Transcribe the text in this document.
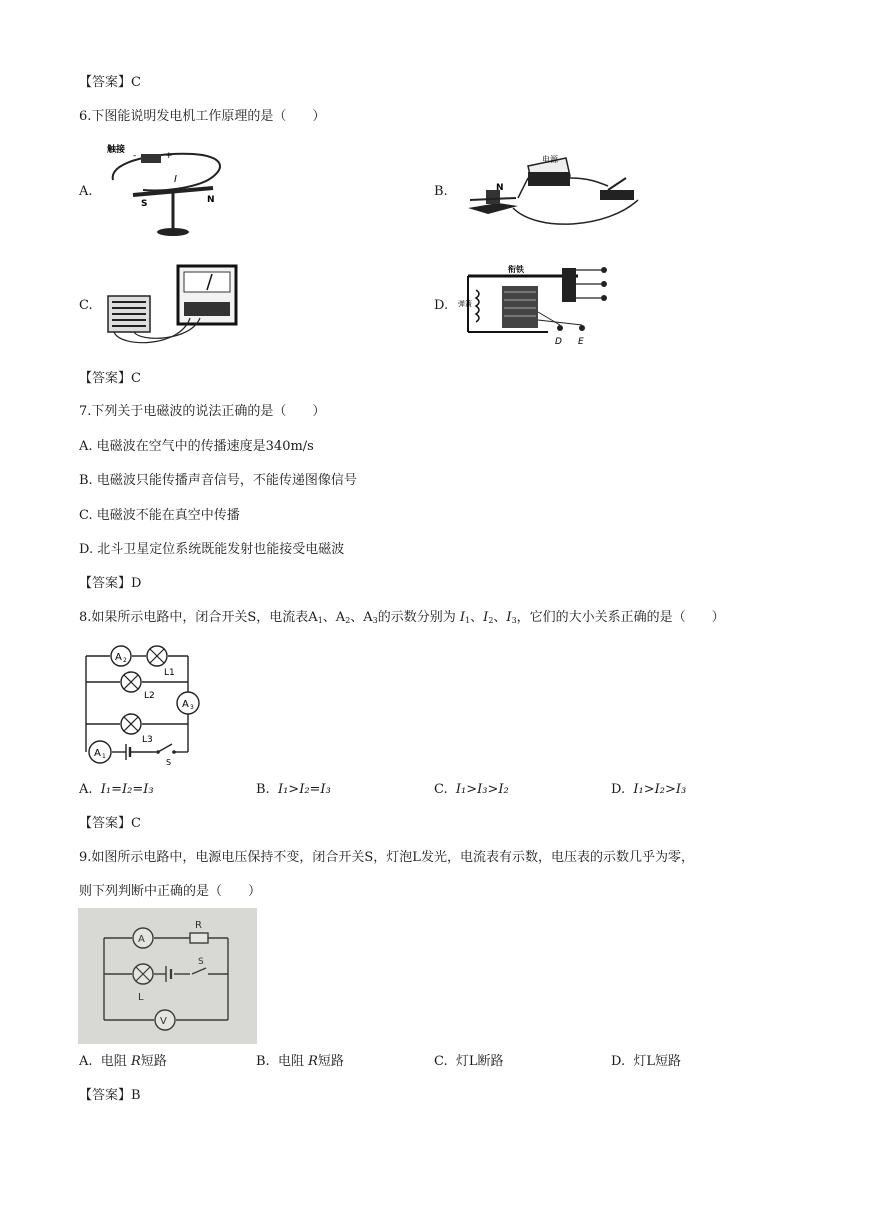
【答案】C
6.下图能说明发电机工作原理的是（　　）
A.
触接
-	+
I
S	N
B.
电源
N
C.	D.
衔铁
弹簧
D E
【答案】C
7.下列关于电磁波的说法正确的是（　　）
A. 电磁波在空气中的传播速度是340m/s
B. 电磁波只能传播声音信号，不能传递图像信号
C. 电磁波不能在真空中传播
D. 北斗卫星定位系统既能发射也能接受电磁波
【答案】D
8.如果所示电路中，闭合开关S，电流表$A_1$、$A_2$、$A_3$的示数分别为 $I_1$、$I_2$、$I_3$，它们的大小关系正确的是（　　）
A 2
L1
L2
A 3
L3
A 1
S
A. I₁=I₂=I₃	B. I₁>I₂=I₃	C. I₁>I₃>I₂	D. I₁>I₂>I₃
【答案】C
9.如图所示电路中，电源电压保持不变，闭合开关S，灯泡L发光，电流表有示数，电压表的示数几乎为零，
则下列判断中正确的是（　　）
A
R
L
S
V
A. 电阻 R短路	B. 电阻 R短路	C. 灯L断路	D. 灯L短路
【答案】B
